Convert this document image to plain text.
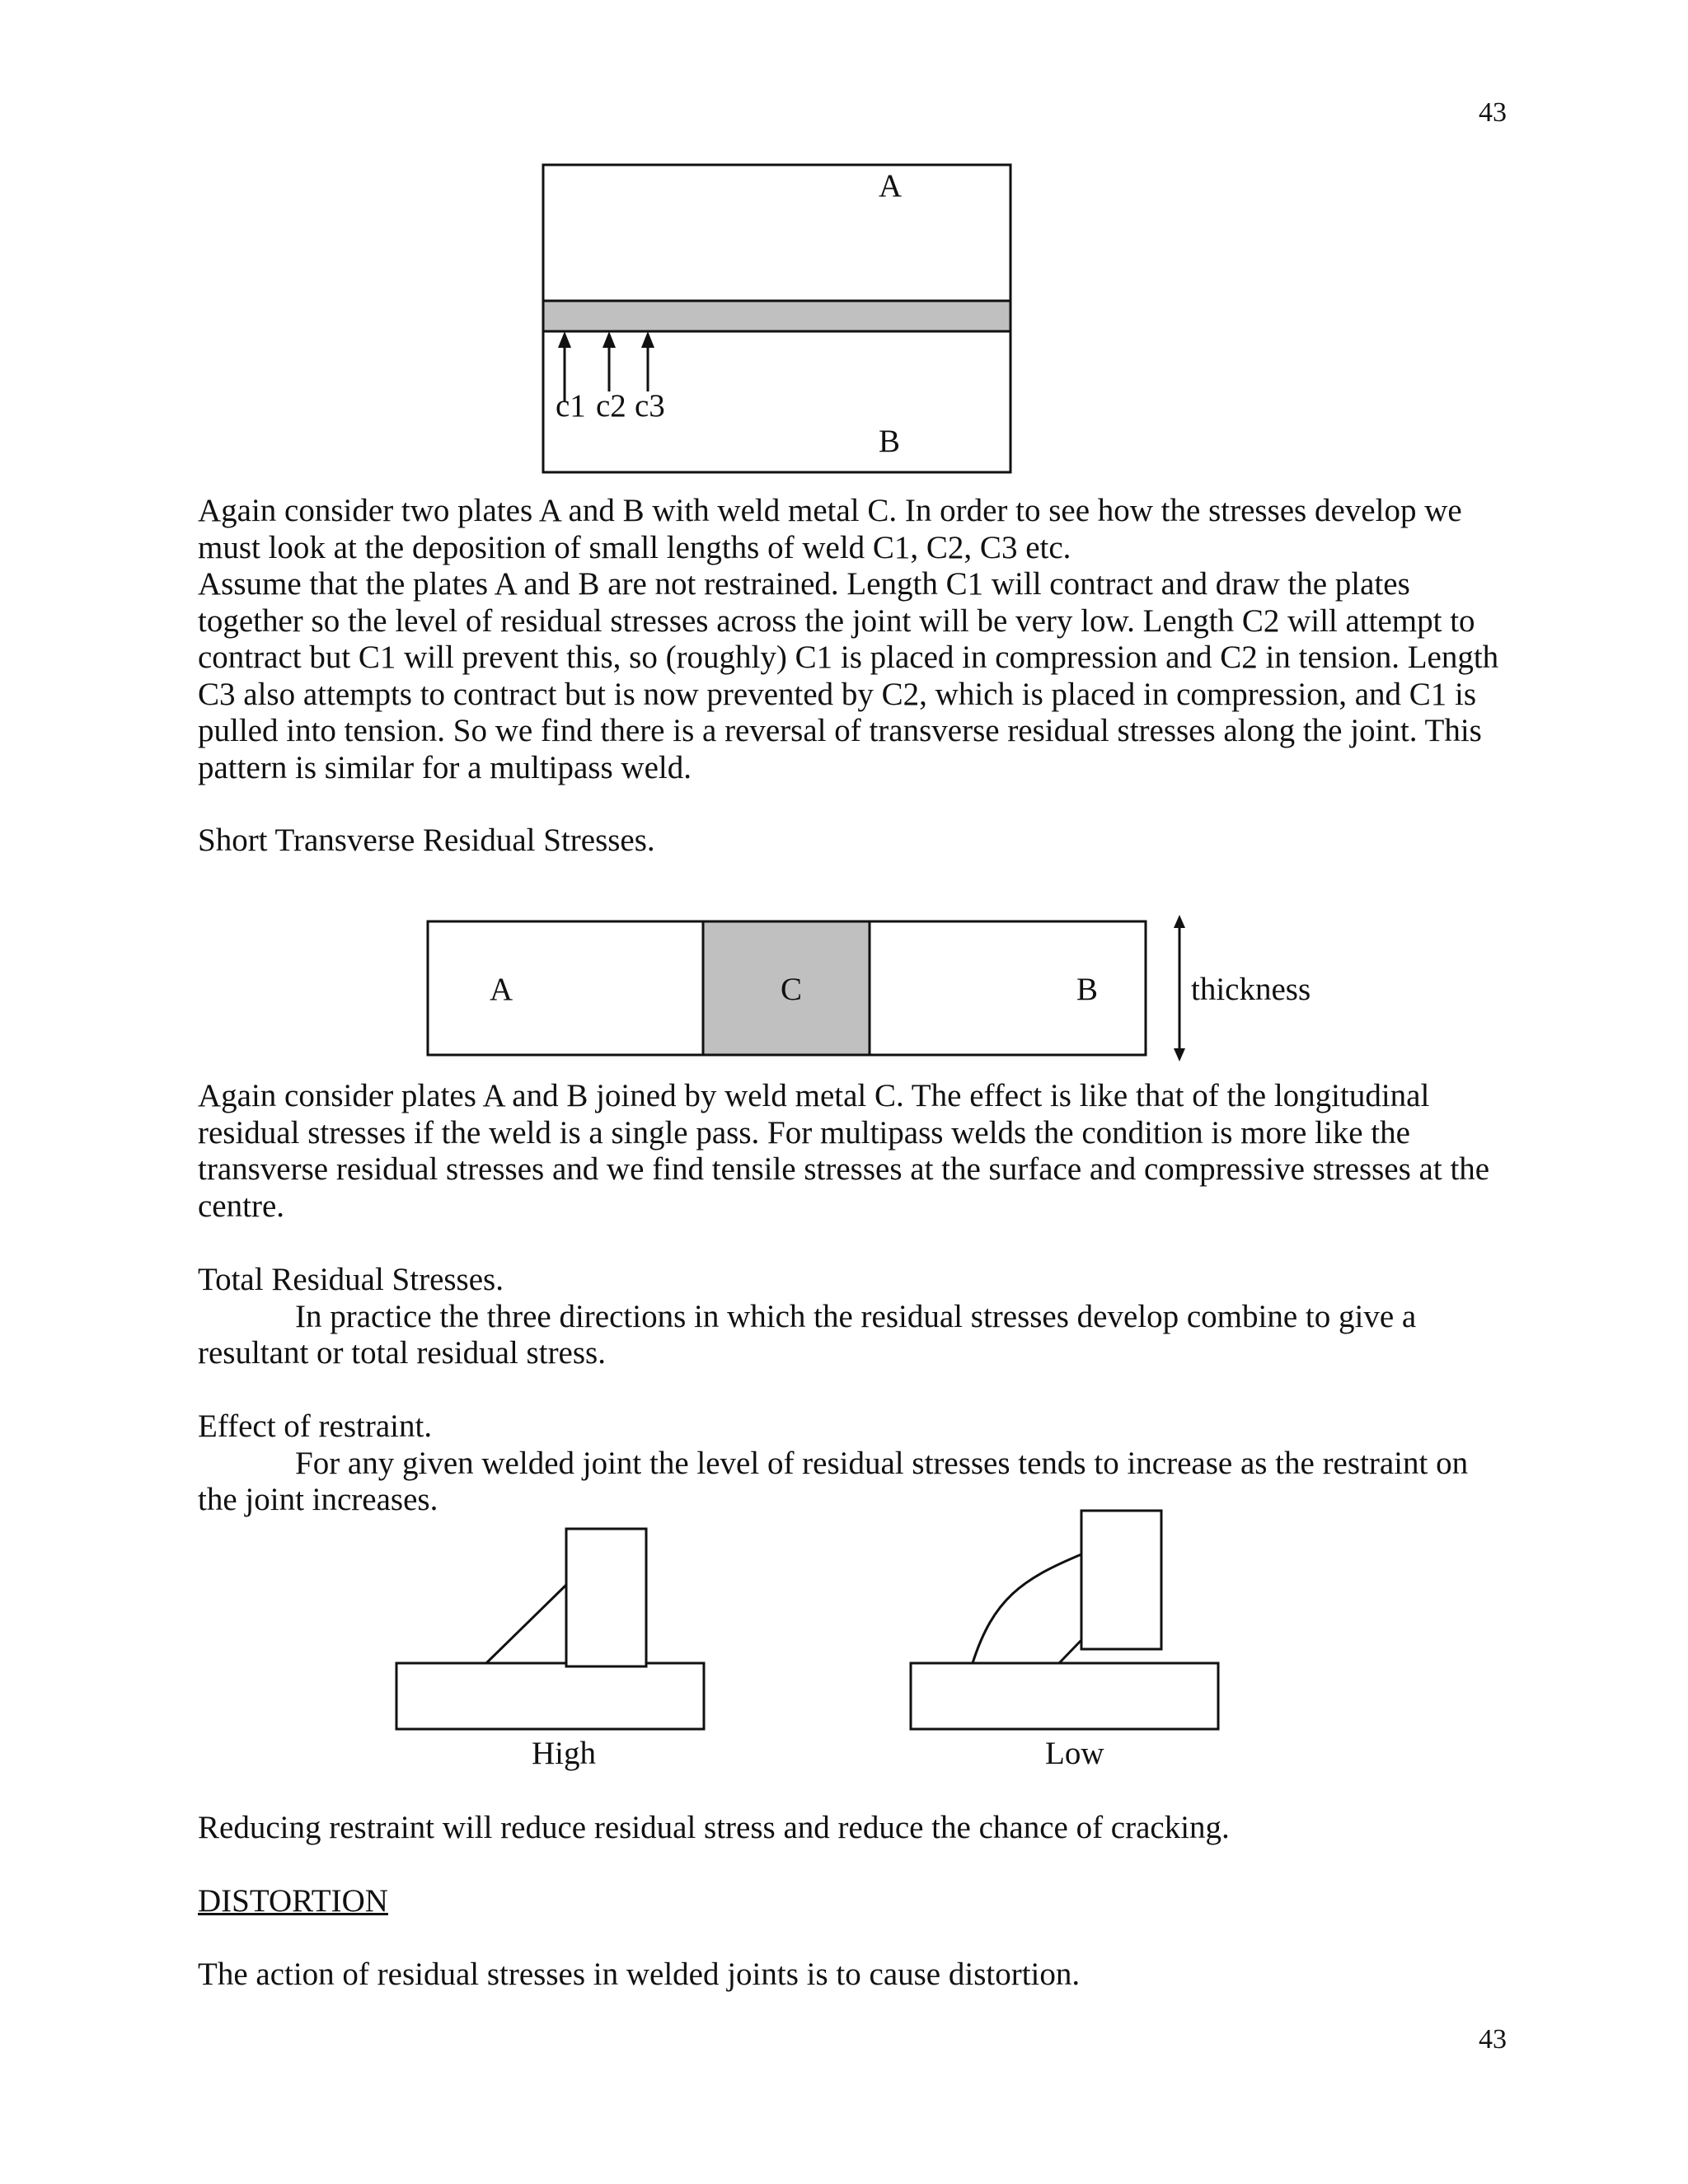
43
A
B
c1 c2 c3
Again consider two plates A and B with weld metal C. In order to see how the stresses develop we
must look at the deposition of small lengths of weld C1, C2, C3 etc.
Assume that the plates A and B are not restrained. Length C1 will contract and draw the plates
together so the level of residual stresses across the joint will be very low. Length C2 will attempt to
contract but C1 will prevent this, so (roughly) C1 is placed in compression and C2 in tension. Length
C3 also attempts to contract but is now prevented by C2, which is placed in compression, and C1 is
pulled into tension. So we find there is a reversal of transverse residual stresses along the joint. This
pattern is similar for a multipass weld.
Short Transverse Residual Stresses.
A	C	B	thickness
Again consider plates A and B joined by weld metal C. The effect is like that of the longitudinal
residual stresses if the weld is a single pass. For multipass welds the condition is more like the
transverse residual stresses and we find tensile stresses at the surface and compressive stresses at the
centre.
Total Residual Stresses.
In practice the three directions in which the residual stresses develop combine to give a
resultant or total residual stress.
Effect of restraint.
For any given welded joint the level of residual stresses tends to increase as the restraint on
the joint increases.
High	Low
Reducing restraint will reduce residual stress and reduce the chance of cracking.
DISTORTION
The action of residual stresses in welded joints is to cause distortion.
43
